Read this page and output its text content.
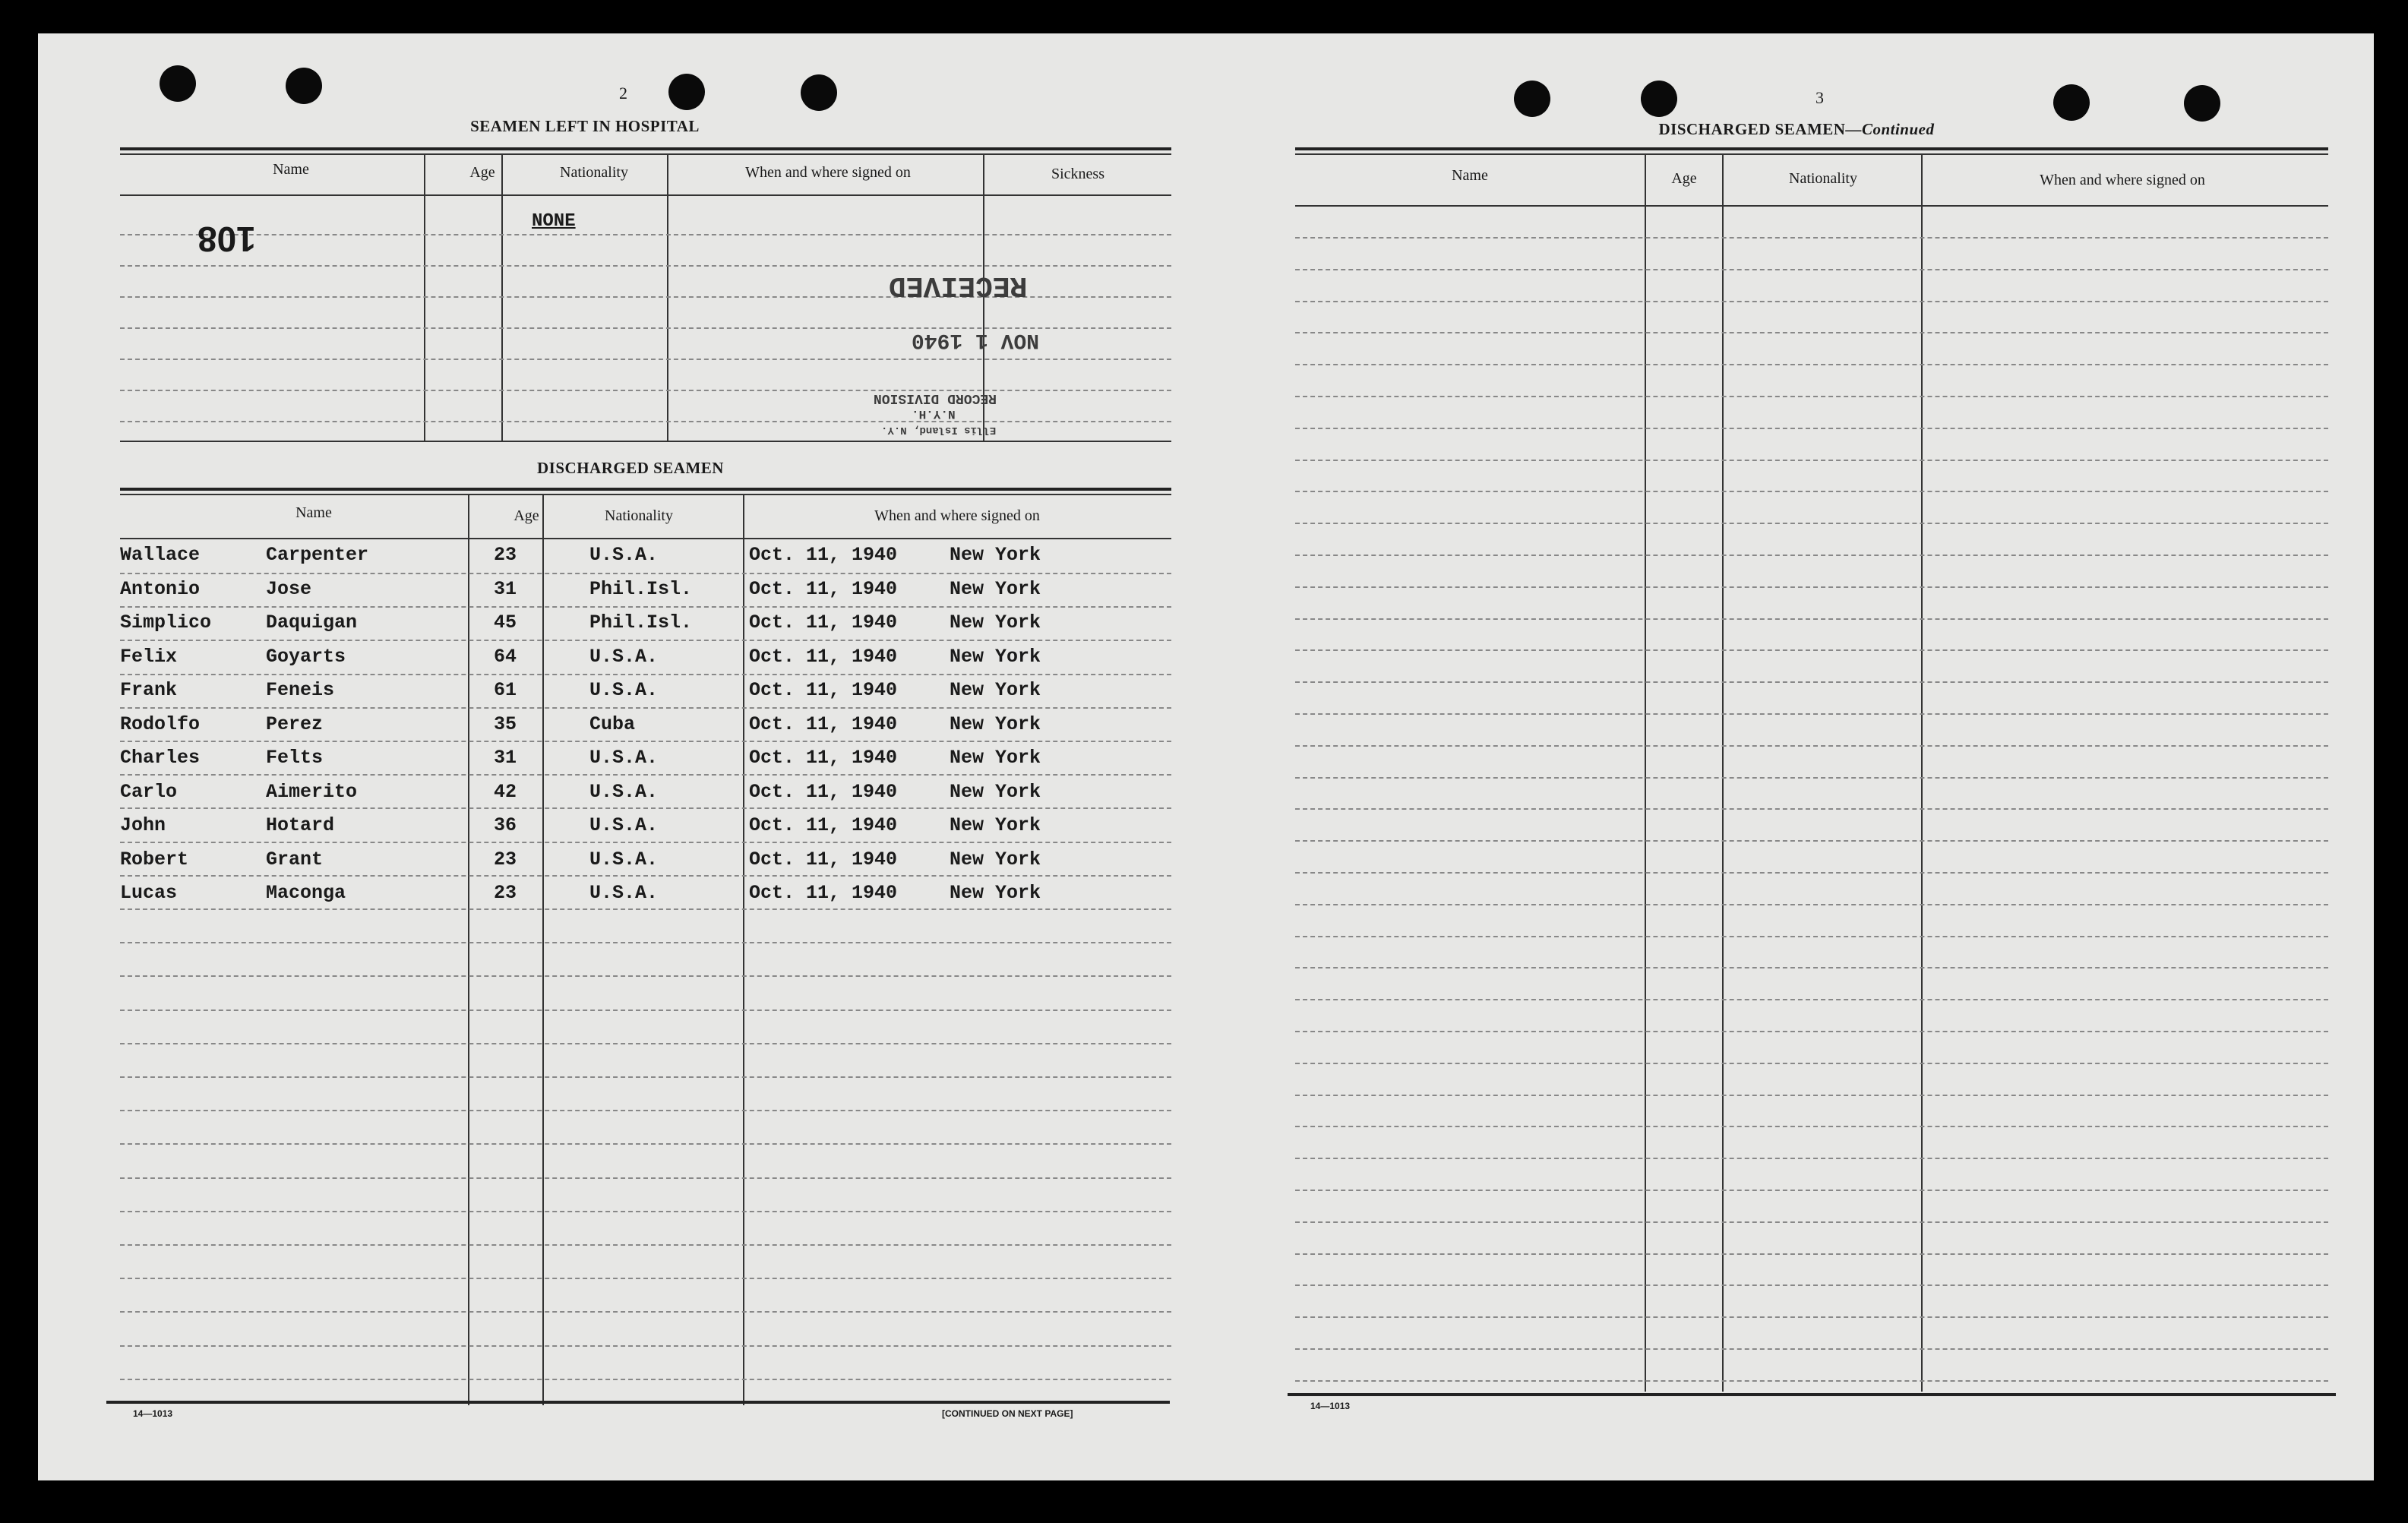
2
SEAMEN LEFT IN HOSPITAL
Name	Age	Nationality	When and where signed on	Sickness
NONE
108
RECEIVED
NOV 1 1940
RECORD DIVISION
N.Y.H.
Ellis Island, N.Y.
DISCHARGED SEAMEN
Name	Age	Nationality	When and where signed on
Wallace	Carpenter	23	U.S.A.	Oct. 11, 1940	New York
Antonio	Jose	31	Phil.Isl.	Oct. 11, 1940	New York
Simplico	Daquigan	45	Phil.Isl.	Oct. 11, 1940	New York
Felix	Goyarts	64	U.S.A.	Oct. 11, 1940	New York
Frank	Feneis	61	U.S.A.	Oct. 11, 1940	New York
Rodolfo	Perez	35	Cuba	Oct. 11, 1940	New York
Charles	Felts	31	U.S.A.	Oct. 11, 1940	New York
Carlo	Aimerito	42	U.S.A.	Oct. 11, 1940	New York
John	Hotard	36	U.S.A.	Oct. 11, 1940	New York
Robert	Grant	23	U.S.A.	Oct. 11, 1940	New York
Lucas	Maconga	23	U.S.A.	Oct. 11, 1940	New York
14—1013	[CONTINUED ON NEXT PAGE]
3
DISCHARGED SEAMEN—Continued
Name	Age	Nationality	When and where signed on
14—1013
